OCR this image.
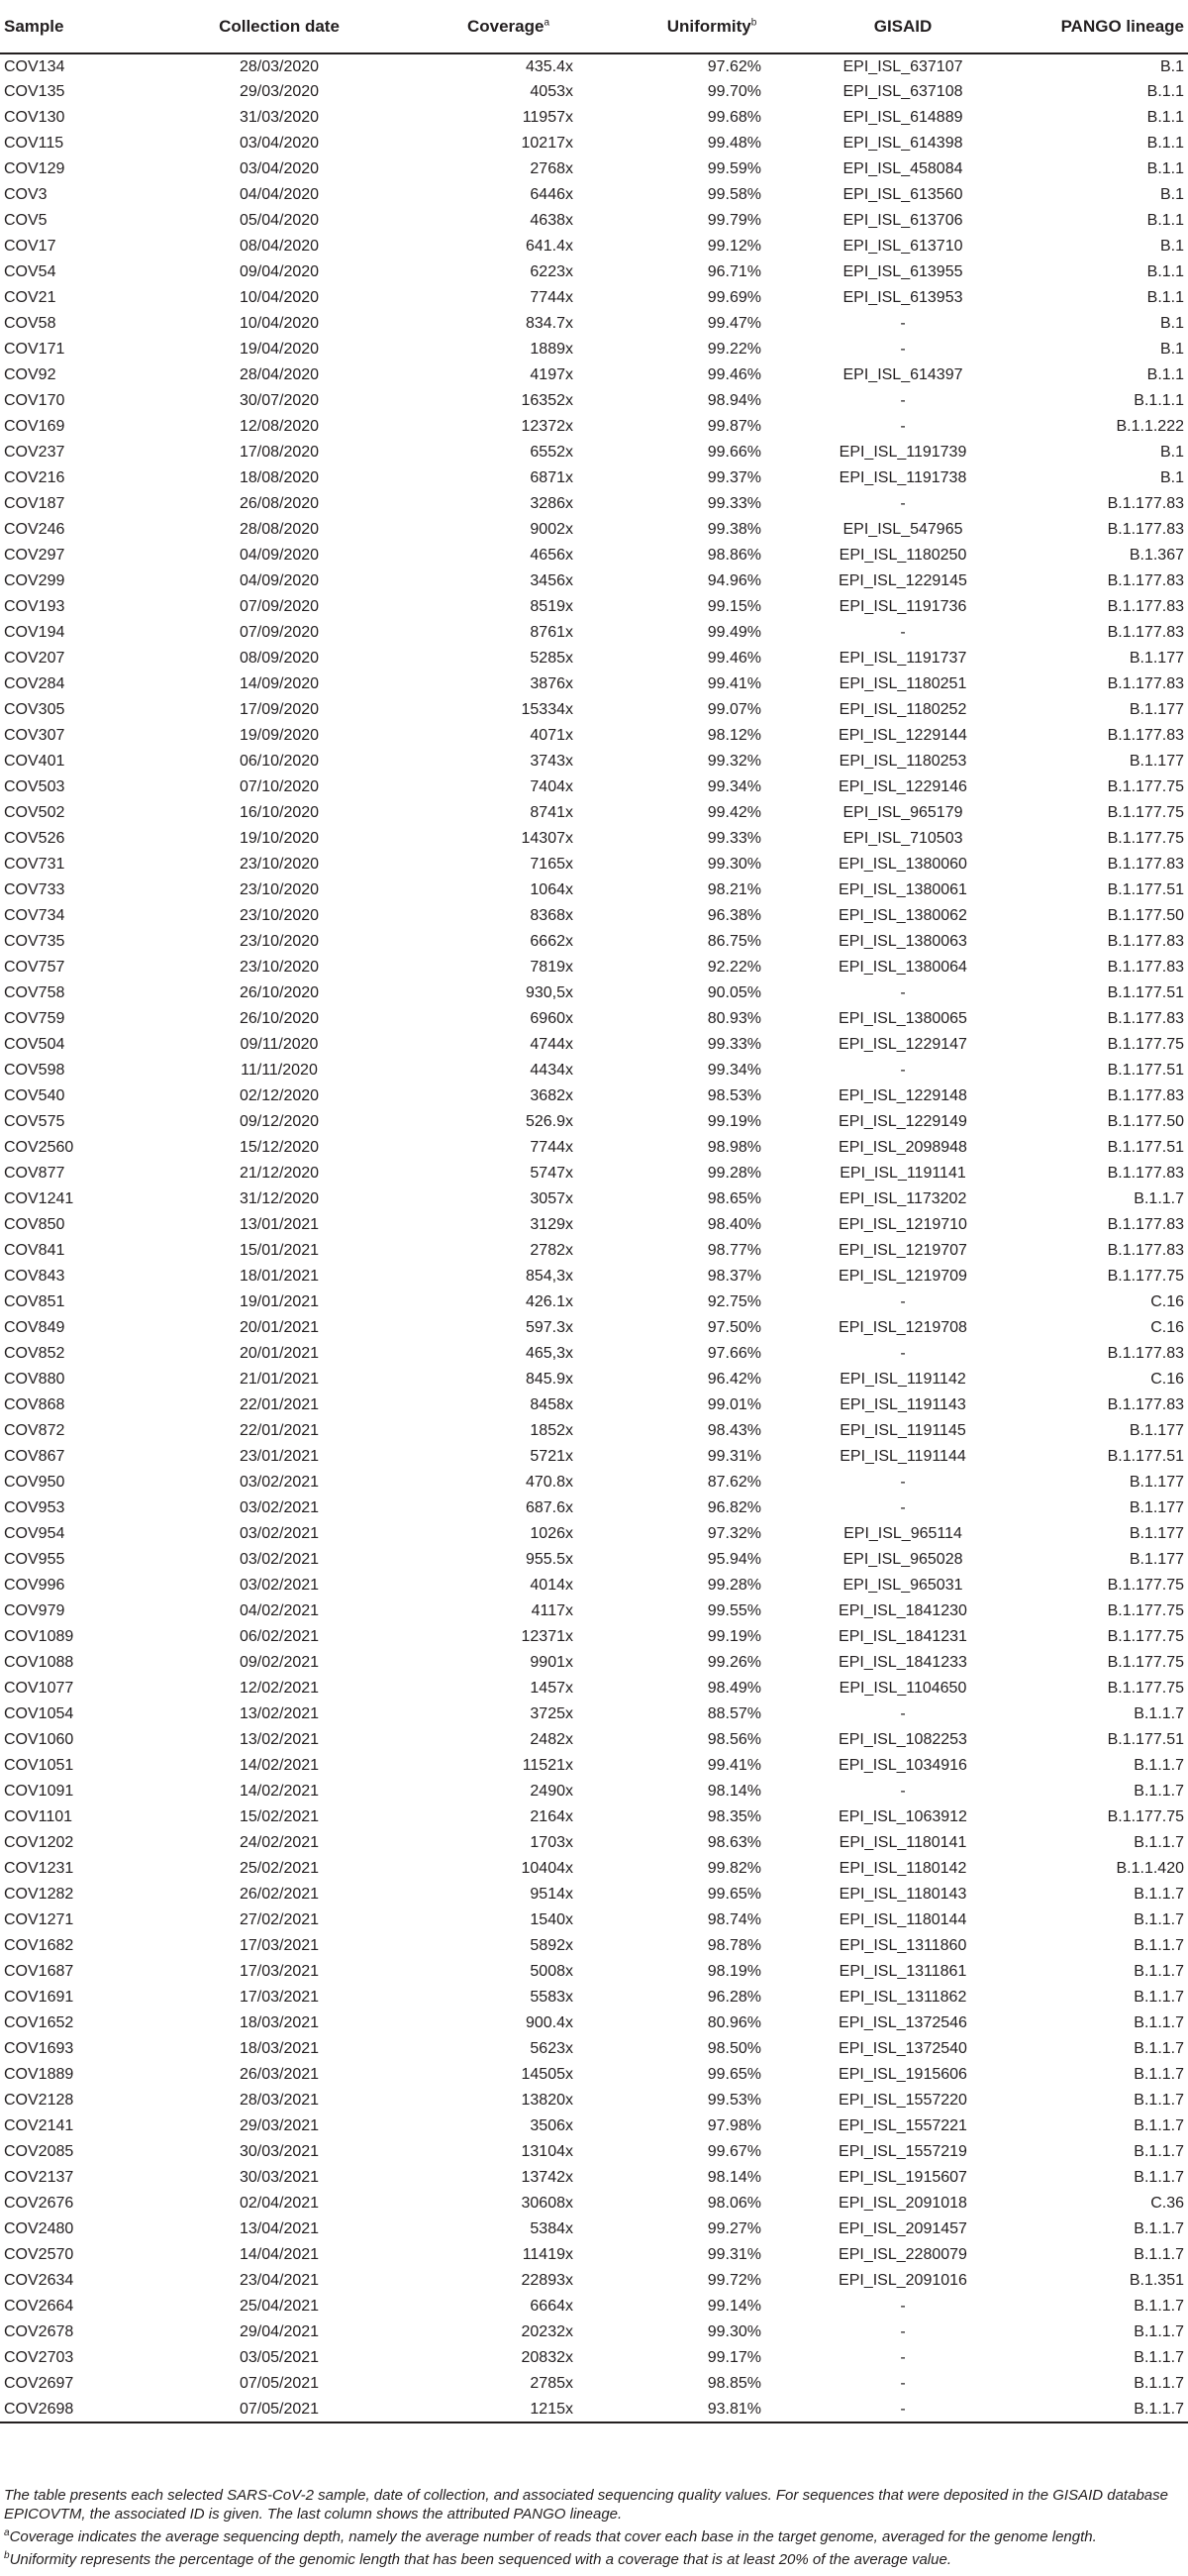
Sample	Collection date	Coverage$^a$	Uniformity$^b$	GISAID	PANGO lineage
COV134	28/03/2020	435.4x	97.62%	EPI_ISL_637107	B.1
COV135	29/03/2020	4053x	99.70%	EPI_ISL_637108	B.1.1
COV130	31/03/2020	11957x	99.68%	EPI_ISL_614889	B.1.1
COV115	03/04/2020	10217x	99.48%	EPI_ISL_614398	B.1.1
COV129	03/04/2020	2768x	99.59%	EPI_ISL_458084	B.1.1
COV3	04/04/2020	6446x	99.58%	EPI_ISL_613560	B.1
COV5	05/04/2020	4638x	99.79%	EPI_ISL_613706	B.1.1
COV17	08/04/2020	641.4x	99.12%	EPI_ISL_613710	B.1
COV54	09/04/2020	6223x	96.71%	EPI_ISL_613955	B.1.1
COV21	10/04/2020	7744x	99.69%	EPI_ISL_613953	B.1.1
COV58	10/04/2020	834.7x	99.47%	-	B.1
COV171	19/04/2020	1889x	99.22%	-	B.1
COV92	28/04/2020	4197x	99.46%	EPI_ISL_614397	B.1.1
COV170	30/07/2020	16352x	98.94%	-	B.1.1.1
COV169	12/08/2020	12372x	99.87%	-	B.1.1.222
COV237	17/08/2020	6552x	99.66%	EPI_ISL_1191739	B.1
COV216	18/08/2020	6871x	99.37%	EPI_ISL_1191738	B.1
COV187	26/08/2020	3286x	99.33%	-	B.1.177.83
COV246	28/08/2020	9002x	99.38%	EPI_ISL_547965	B.1.177.83
COV297	04/09/2020	4656x	98.86%	EPI_ISL_1180250	B.1.367
COV299	04/09/2020	3456x	94.96%	EPI_ISL_1229145	B.1.177.83
COV193	07/09/2020	8519x	99.15%	EPI_ISL_1191736	B.1.177.83
COV194	07/09/2020	8761x	99.49%	-	B.1.177.83
COV207	08/09/2020	5285x	99.46%	EPI_ISL_1191737	B.1.177
COV284	14/09/2020	3876x	99.41%	EPI_ISL_1180251	B.1.177.83
COV305	17/09/2020	15334x	99.07%	EPI_ISL_1180252	B.1.177
COV307	19/09/2020	4071x	98.12%	EPI_ISL_1229144	B.1.177.83
COV401	06/10/2020	3743x	99.32%	EPI_ISL_1180253	B.1.177
COV503	07/10/2020	7404x	99.34%	EPI_ISL_1229146	B.1.177.75
COV502	16/10/2020	8741x	99.42%	EPI_ISL_965179	B.1.177.75
COV526	19/10/2020	14307x	99.33%	EPI_ISL_710503	B.1.177.75
COV731	23/10/2020	7165x	99.30%	EPI_ISL_1380060	B.1.177.83
COV733	23/10/2020	1064x	98.21%	EPI_ISL_1380061	B.1.177.51
COV734	23/10/2020	8368x	96.38%	EPI_ISL_1380062	B.1.177.50
COV735	23/10/2020	6662x	86.75%	EPI_ISL_1380063	B.1.177.83
COV757	23/10/2020	7819x	92.22%	EPI_ISL_1380064	B.1.177.83
COV758	26/10/2020	930,5x	90.05%	-	B.1.177.51
COV759	26/10/2020	6960x	80.93%	EPI_ISL_1380065	B.1.177.83
COV504	09/11/2020	4744x	99.33%	EPI_ISL_1229147	B.1.177.75
COV598	11/11/2020	4434x	99.34%	-	B.1.177.51
COV540	02/12/2020	3682x	98.53%	EPI_ISL_1229148	B.1.177.83
COV575	09/12/2020	526.9x	99.19%	EPI_ISL_1229149	B.1.177.50
COV2560	15/12/2020	7744x	98.98%	EPI_ISL_2098948	B.1.177.51
COV877	21/12/2020	5747x	99.28%	EPI_ISL_1191141	B.1.177.83
COV1241	31/12/2020	3057x	98.65%	EPI_ISL_1173202	B.1.1.7
COV850	13/01/2021	3129x	98.40%	EPI_ISL_1219710	B.1.177.83
COV841	15/01/2021	2782x	98.77%	EPI_ISL_1219707	B.1.177.83
COV843	18/01/2021	854,3x	98.37%	EPI_ISL_1219709	B.1.177.75
COV851	19/01/2021	426.1x	92.75%	-	C.16
COV849	20/01/2021	597.3x	97.50%	EPI_ISL_1219708	C.16
COV852	20/01/2021	465,3x	97.66%	-	B.1.177.83
COV880	21/01/2021	845.9x	96.42%	EPI_ISL_1191142	C.16
COV868	22/01/2021	8458x	99.01%	EPI_ISL_1191143	B.1.177.83
COV872	22/01/2021	1852x	98.43%	EPI_ISL_1191145	B.1.177
COV867	23/01/2021	5721x	99.31%	EPI_ISL_1191144	B.1.177.51
COV950	03/02/2021	470.8x	87.62%	-	B.1.177
COV953	03/02/2021	687.6x	96.82%	-	B.1.177
COV954	03/02/2021	1026x	97.32%	EPI_ISL_965114	B.1.177
COV955	03/02/2021	955.5x	95.94%	EPI_ISL_965028	B.1.177
COV996	03/02/2021	4014x	99.28%	EPI_ISL_965031	B.1.177.75
COV979	04/02/2021	4117x	99.55%	EPI_ISL_1841230	B.1.177.75
COV1089	06/02/2021	12371x	99.19%	EPI_ISL_1841231	B.1.177.75
COV1088	09/02/2021	9901x	99.26%	EPI_ISL_1841233	B.1.177.75
COV1077	12/02/2021	1457x	98.49%	EPI_ISL_1104650	B.1.177.75
COV1054	13/02/2021	3725x	88.57%	-	B.1.1.7
COV1060	13/02/2021	2482x	98.56%	EPI_ISL_1082253	B.1.177.51
COV1051	14/02/2021	11521x	99.41%	EPI_ISL_1034916	B.1.1.7
COV1091	14/02/2021	2490x	98.14%	-	B.1.1.7
COV1101	15/02/2021	2164x	98.35%	EPI_ISL_1063912	B.1.177.75
COV1202	24/02/2021	1703x	98.63%	EPI_ISL_1180141	B.1.1.7
COV1231	25/02/2021	10404x	99.82%	EPI_ISL_1180142	B.1.1.420
COV1282	26/02/2021	9514x	99.65%	EPI_ISL_1180143	B.1.1.7
COV1271	27/02/2021	1540x	98.74%	EPI_ISL_1180144	B.1.1.7
COV1682	17/03/2021	5892x	98.78%	EPI_ISL_1311860	B.1.1.7
COV1687	17/03/2021	5008x	98.19%	EPI_ISL_1311861	B.1.1.7
COV1691	17/03/2021	5583x	96.28%	EPI_ISL_1311862	B.1.1.7
COV1652	18/03/2021	900.4x	80.96%	EPI_ISL_1372546	B.1.1.7
COV1693	18/03/2021	5623x	98.50%	EPI_ISL_1372540	B.1.1.7
COV1889	26/03/2021	14505x	99.65%	EPI_ISL_1915606	B.1.1.7
COV2128	28/03/2021	13820x	99.53%	EPI_ISL_1557220	B.1.1.7
COV2141	29/03/2021	3506x	97.98%	EPI_ISL_1557221	B.1.1.7
COV2085	30/03/2021	13104x	99.67%	EPI_ISL_1557219	B.1.1.7
COV2137	30/03/2021	13742x	98.14%	EPI_ISL_1915607	B.1.1.7
COV2676	02/04/2021	30608x	98.06%	EPI_ISL_2091018	C.36
COV2480	13/04/2021	5384x	99.27%	EPI_ISL_2091457	B.1.1.7
COV2570	14/04/2021	11419x	99.31%	EPI_ISL_2280079	B.1.1.7
COV2634	23/04/2021	22893x	99.72%	EPI_ISL_2091016	B.1.351
COV2664	25/04/2021	6664x	99.14%	-	B.1.1.7
COV2678	29/04/2021	20232x	99.30%	-	B.1.1.7
COV2703	03/05/2021	20832x	99.17%	-	B.1.1.7
COV2697	07/05/2021	2785x	98.85%	-	B.1.1.7
COV2698	07/05/2021	1215x	93.81%	-	B.1.1.7

The table presents each selected SARS-CoV-2 sample, date of collection, and associated sequencing quality values. For sequences that were deposited in the GISAID database EPICOVTM, the associated ID is given. The last column shows the attributed PANGO lineage.

$^a$Coverage indicates the average sequencing depth, namely the average number of reads that cover each base in the target genome, averaged for the genome length.

$^b$Uniformity represents the percentage of the genomic length that has been sequenced with a coverage that is at least 20% of the average value.
